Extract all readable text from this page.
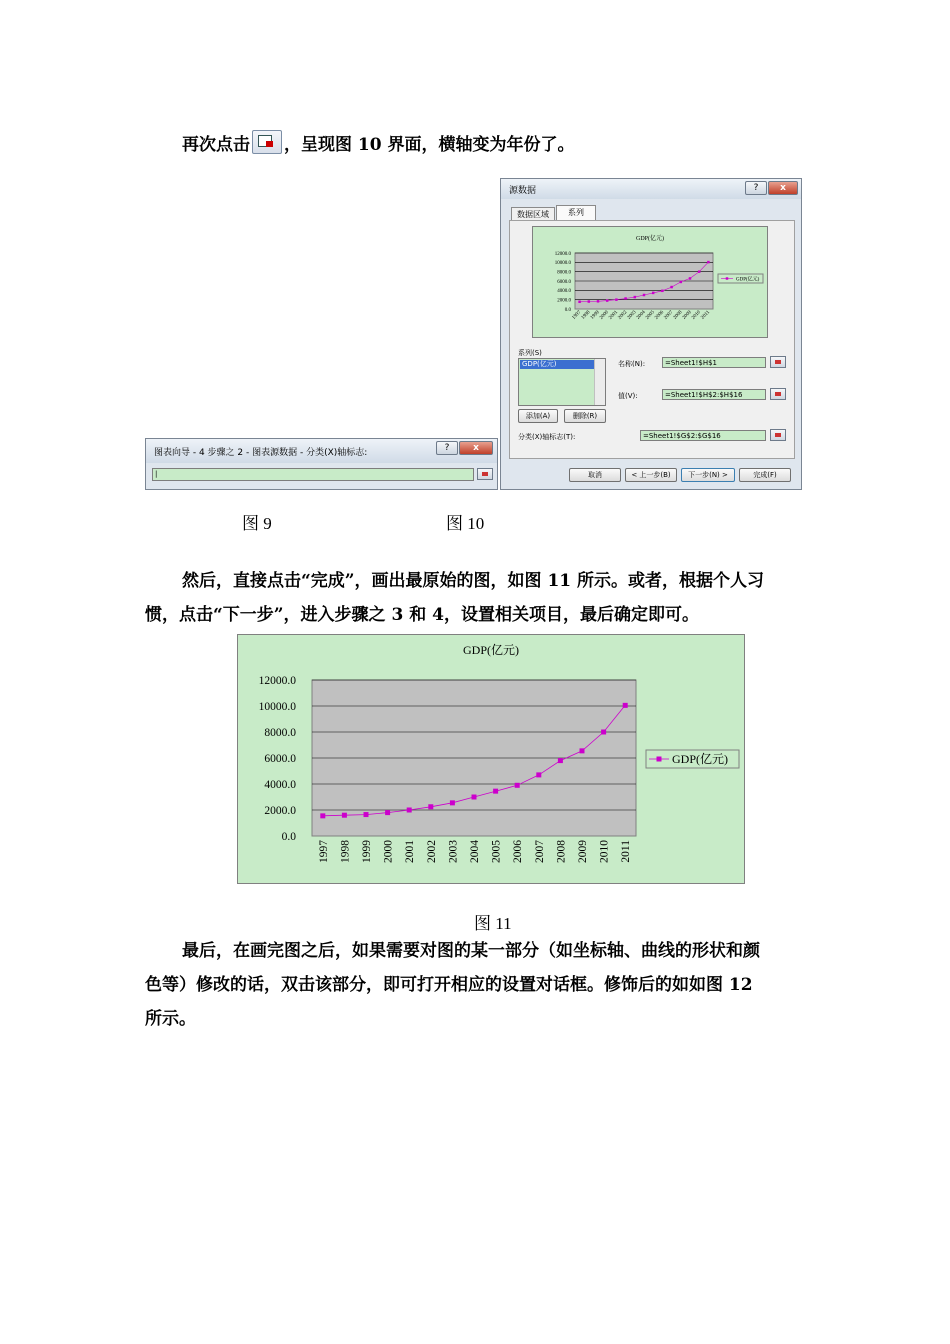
再次点击 ，呈现图 10 界面，横轴变为年份了。
图表向导 - 4 步骤之 2 - 图表源数据 - 分类(X)轴标志:	?	x
|
源数据	?	x
数据区域	系列
GDP(亿元)
0.0
2000.0
4000.0
6000.0
8000.0
10000.0
12000.0
1997
1998
1999
2000
2001
2002
2003
2004
2005
2006
2007
2008
2009
2010
2011
GDP(亿元)
系列(S)
GDP(亿元)	名称(N):	=Sheet1!$H$1
值(V):	=Sheet1!$H$2:$H$16
添加(A)	删除(R)
分类(X)轴标志(T):	=Sheet1!$G$2:$G$16
取消	< 上一步(B)	下一步(N) >	完成(F)
图 9	图 10
然后，直接点击“完成”，画出最原始的图，如图 11 所示。或者，根据个人习
惯，点击“下一步”，进入步骤之 3 和 4，设置相关项目，最后确定即可。
GDP(亿元)
0.0
2000.0
4000.0
6000.0
8000.0
10000.0
12000.0
1997 1998 1999 2000 2001 2002 2003 2004 2005 2006 2007 2008 2009 2010 2011
GDP(亿元)
图 11
最后，在画完图之后，如果需要对图的某一部分（如坐标轴、曲线的形状和颜
色等）修改的话，双击该部分，即可打开相应的设置对话框。修饰后的如如图 12
所示。
